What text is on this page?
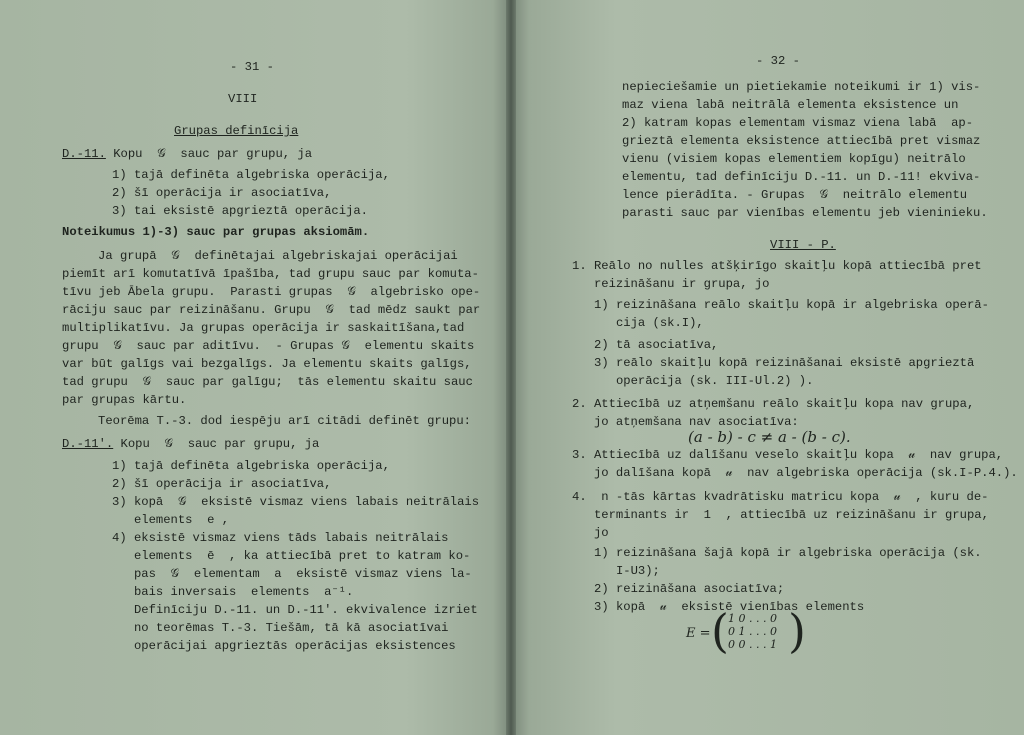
- 31 -
VIII
Grupas definīcija
D.-11. Kopu  𝒢  sauc par grupu, ja
1) tajā definēta algebriska operācija,
2) šī operācija ir asociatīva,
3) tai eksistē apgrieztā operācija.
Noteikumus 1)-3) sauc par grupas aksiomām.
Ja grupā  𝒢  definētajai algebriskajai operācijai
piemīt arī komutatīvā īpašība, tad grupu sauc par komuta-
tīvu jeb Ābela grupu.  Parasti grupas  𝒢  algebrisko ope-
rāciju sauc par reizināšanu. Grupu  𝒢  tad mēdz saukt par
multiplikatīvu. Ja grupas operācija ir saskaitīšana,tad
grupu  𝒢  sauc par aditīvu.  - Grupas 𝒢  elementu skaits
var būt galīgs vai bezgalīgs. Ja elementu skaits galīgs,
tad grupu  𝒢  sauc par galīgu;  tās elementu skaitu sauc
par grupas kārtu.
Teorēma T.-3. dod iespēju arī citādi definēt grupu:
D.-11'. Kopu  𝒢  sauc par grupu, ja
1) tajā definēta algebriska operācija,
2) šī operācija ir asociatīva,
3) kopā  𝒢  eksistē vismaz viens labais neitrālais
elements  e ,
4) eksistē vismaz viens tāds labais neitrālais
elements  ē  , ka attiecībā pret to katram ko-
pas  𝒢  elementam  a  eksistē vismaz viens la-
bais inversais  elements  a⁻¹.
Definīciju D.-11. un D.-11'. ekvivalence izriet
no teorēmas T.-3. Tiešām, tā kā asociatīvai
operācijai apgrieztās operācijas eksistences
- 32 -
nepieciešamie un pietiekamie noteikumi ir 1) vis-
maz viena labā neitrālā elementa eksistence un
2) katram kopas elementam vismaz viena labā  ap-
grieztā elementa eksistence attiecībā pret vismaz
vienu (visiem kopas elementiem kopīgu) neitrālo
elementu, tad definīciju D.-11. un D.-11! ekviva-
lence pierādīta. - Grupas  𝒢  neitrālo elementu
parasti sauc par vienības elementu jeb vieninieku.
VIII - P.
1. Reālo no nulles atšķirīgo skaitļu kopā attiecībā pret
reizināšanu ir grupa, jo
1) reizināšana reālo skaitļu kopā ir algebriska operā-
cija (sk.I),
2) tā asociatīva,
3) reālo skaitļu kopā reizināšanai eksistē apgrieztā
operācija (sk. III-Ul.2) ).
2. Attiecībā uz atņemšanu reālo skaitļu kopa nav grupa,
jo atņemšana nav asociatīva:
(a - b) - c ≠ a - (b - c).
3. Attiecībā uz dalīšanu veselo skaitļu kopa  𝓊  nav grupa,
jo dalīšana kopā  𝓊  nav algebriska operācija (sk.I-P.4.).
4.  n -tās kārtas kvadrātisku matricu kopa  𝓊  , kuru de-
terminants ir  1  , attiecībā uz reizināšanu ir grupa,
jo
1) reizināšana šajā kopā ir algebriska operācija (sk.
I-U3);
2) reizināšana asociatīva;
3) kopā  𝓊  eksistē vienības elements
E = ( 1 0 . . . 0
0 1 . . . 0
0 0 . . . 1 )
